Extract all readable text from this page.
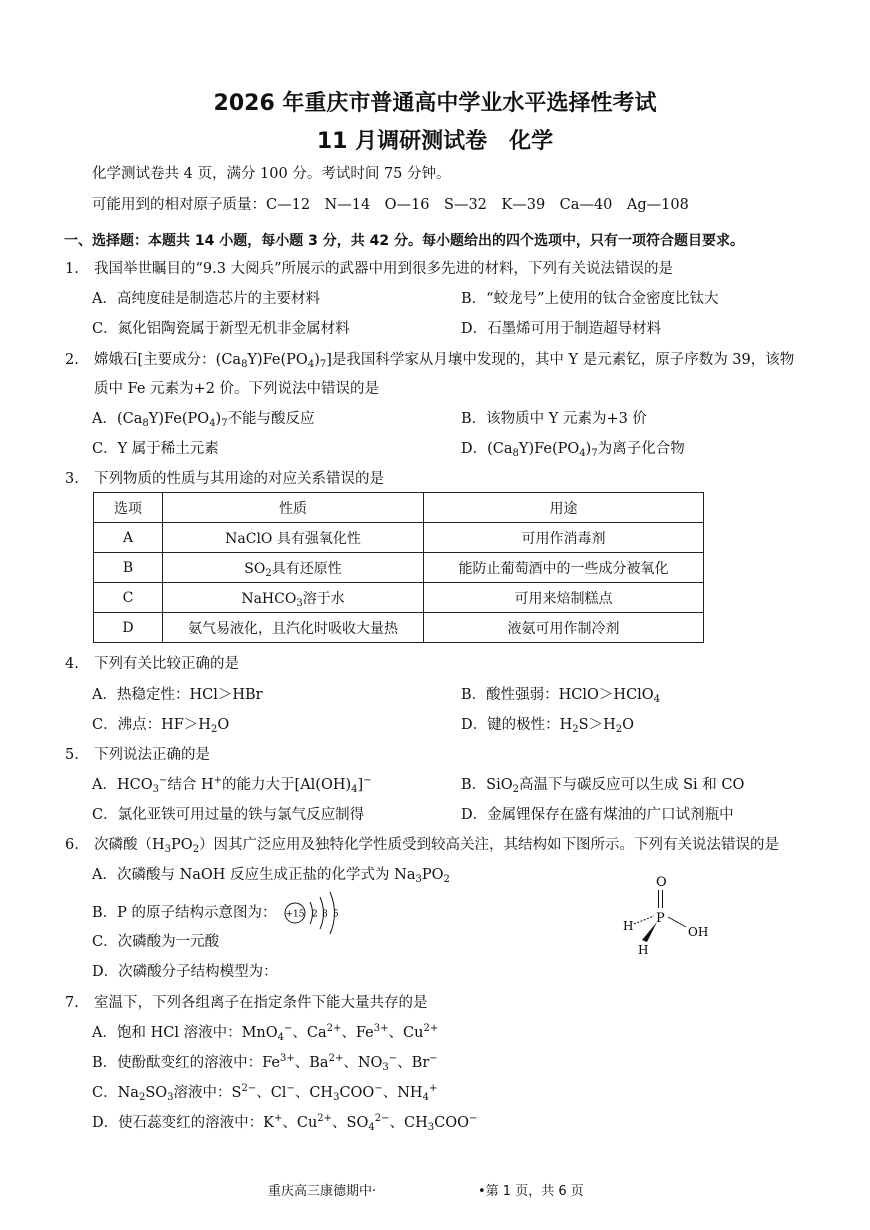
2026 年重庆市普通高中学业水平选择性考试
11 月调研测试卷　化学
化学测试卷共 4 页，满分 100 分。考试时间 75 分钟。
可能用到的相对原子质量：C—12　N—14　O—16　S—32　K—39　Ca—40　Ag—108
一、选择题：本题共 14 小题，每小题 3 分，共 42 分。每小题给出的四个选项中，只有一项符合题目要求。
1. 我国举世瞩目的“9.3 大阅兵”所展示的武器中用到很多先进的材料，下列有关说法错误的是
A．高纯度硅是制造芯片的主要材料	B．“蛟龙号”上使用的钛合金密度比钛大
C．氮化铝陶瓷属于新型无机非金属材料	D．石墨烯可用于制造超导材料
2. 嫦娥石[主要成分：$(Ca_8Y)Fe(PO_4)_7$]是我国科学家从月壤中发现的，其中 Y 是元素钇，原子序数为 39，该物
质中 Fe 元素为+2 价。下列说法中错误的是
A．$(Ca_8Y)Fe(PO_4)_7$不能与酸反应	B．该物质中 Y 元素为+3 价
C．Y 属于稀土元素	D．$(Ca_8Y)Fe(PO_4)_7$为离子化合物
3. 下列物质的性质与其用途的对应关系错误的是
选项	性质	用途
A	NaClO 具有强氧化性	可用作消毒剂
B	$SO_2$具有还原性	能防止葡萄酒中的一些成分被氧化
C	NaHCO$_3$溶于水	可用来焙制糕点
D	氨气易液化，且汽化时吸收大量热	液氨可用作制冷剂
4. 下列有关比较正确的是
A．热稳定性：HCl＞HBr	B．酸性强弱：HClO＞HClO$_4$
C．沸点：$HF>H_2O$	D．键的极性：$H_2S>H_2O$
5. 下列说法正确的是
A．$HCO_3^-$结合 H+的能力大于$[Al(OH)_4]^-$	B．SiO$_2$高温下与碳反应可以生成 Si 和 CO
C．氯化亚铁可用过量的铁与氯气反应制得	D．金属锂保存在盛有煤油的广口试剂瓶中
6. 次磷酸$(H_3PO_2)$因其广泛应用及独特化学性质受到较高关注，其结构如下图所示。下列有关说法错误的是
A．次磷酸与 NaOH 反应生成正盐的化学式为 $Na_3PO_2$
B．P 的原子结构示意图为： +15 2 8 5
C．次磷酸为一元酸
D．次磷酸分子结构模型为：
O
P
H	OH
H
7. 室温下，下列各组离子在指定条件下能大量共存的是
A．饱和 HCl 溶液中：MnO$_4$−、$Ca^{2+}$、$Fe^{3+}$、$Cu^{2+}$
B．使酚酞变红的溶液中：$Fe^{3+}$、$Ba^{2+}$、$NO_3^-$、Br−
C．$Na_2SO_3$溶液中：$S^{2-}$、Cl−、$CH_3COO^-$、$NH_4^+$
D．使石蕊变红的溶液中：K+、$Cu^{2+}$、$SO_4^{2-}$、$CH_3COO^-$
重庆高三康德期中·	•第 1 页，共 6 页
